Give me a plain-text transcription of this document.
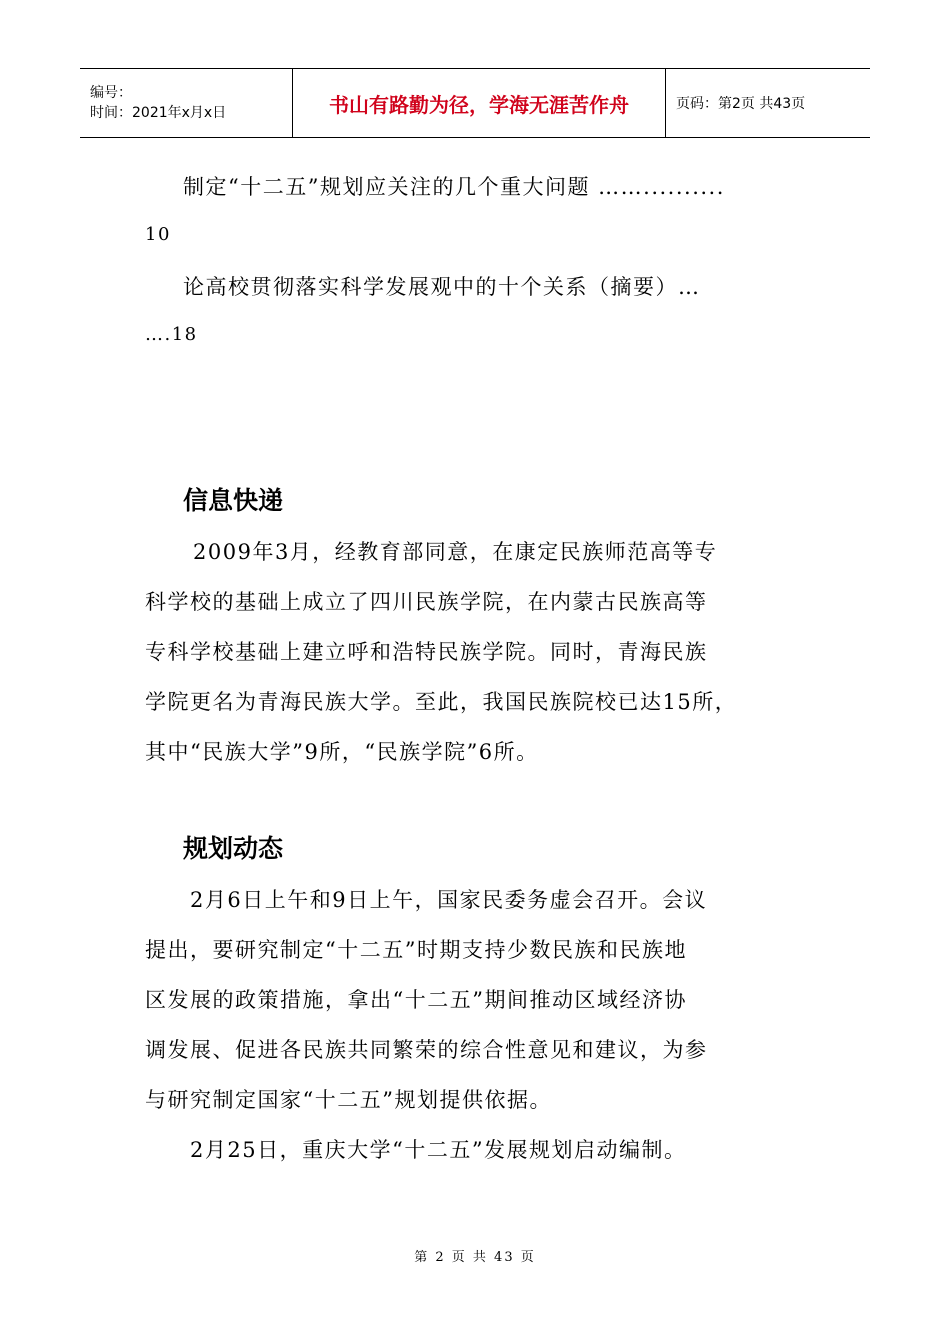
编号：
时间：2021年x月x日	书山有路勤为径，学海无涯苦作舟	页码：第2页 共43页
制定“十二五”规划应关注的几个重大问题 ……..........
10
论高校贯彻落实科学发展观中的十个关系（摘要）…
….18
信息快递
2009年3月，经教育部同意，在康定民族师范高等专
科学校的基础上成立了四川民族学院，在内蒙古民族高等
专科学校基础上建立呼和浩特民族学院。同时，青海民族
学院更名为青海民族大学。至此，我国民族院校已达15所，
其中“民族大学”9所，“民族学院”6所。
规划动态
2月6日上午和9日上午，国家民委务虚会召开。会议
提出，要研究制定“十二五”时期支持少数民族和民族地
区发展的政策措施，拿出“十二五”期间推动区域经济协
调发展、促进各民族共同繁荣的综合性意见和建议，为参
与研究制定国家“十二五”规划提供依据。
2月25日，重庆大学“十二五”发展规划启动编制。
第 2 页 共 43 页
